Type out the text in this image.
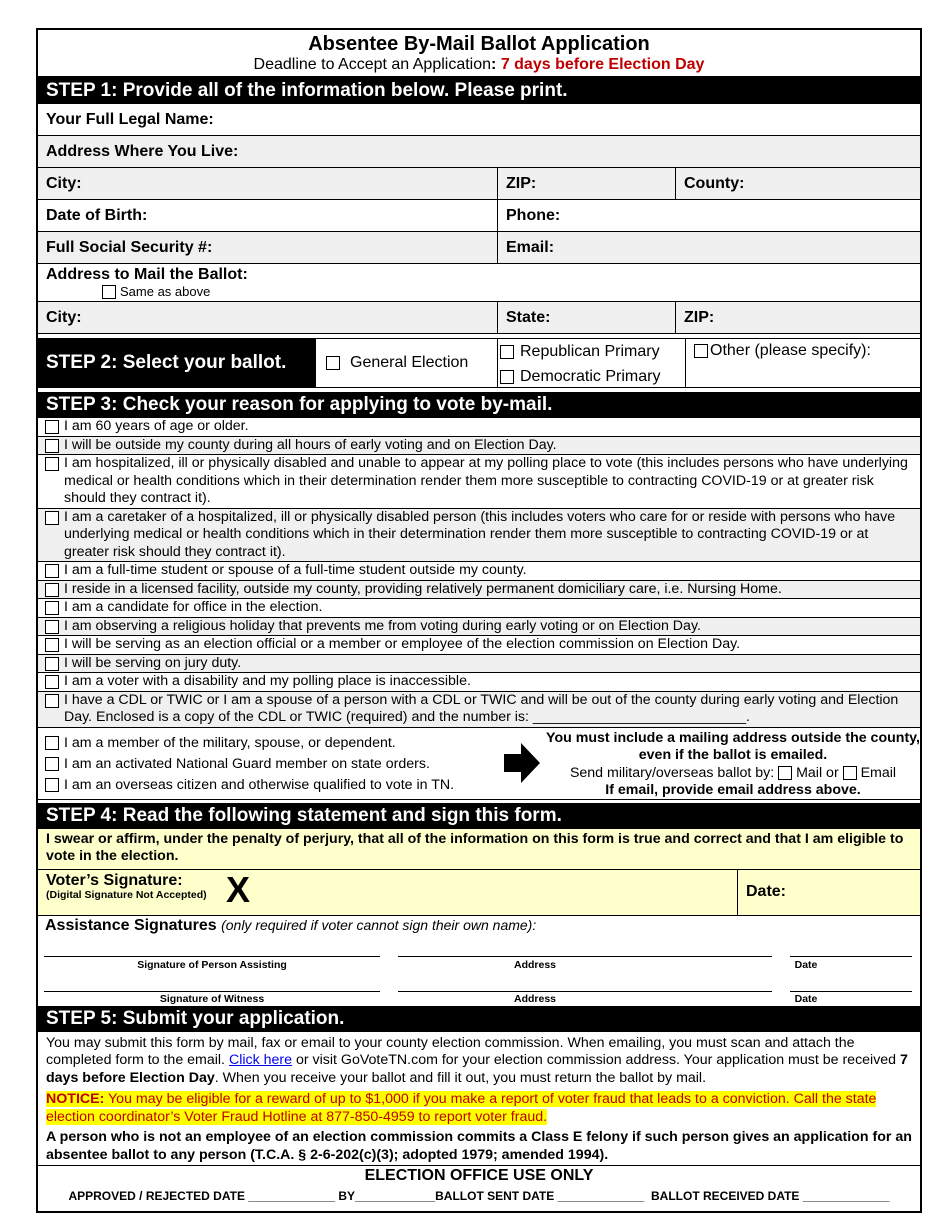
Absentee By-Mail Ballot Application
Deadline to Accept an Application: 7 days before Election Day
STEP 1: Provide all of the information below. Please print.
Your Full Legal Name:
Address Where You Live:
City:	ZIP:	County:
Date of Birth:	Phone:
Full Social Security #:	Email:
Address to Mail the Ballot:
Same as above
City:	State:	ZIP:
STEP 2: Select your ballot.	General Election
Republican Primary
Democratic Primary
Other (please specify):
STEP 3: Check your reason for applying to vote by-mail.
I am 60 years of age or older.
I will be outside my county during all hours of early voting and on Election Day.
I am hospitalized, ill or physically disabled and unable to appear at my polling place to vote (this includes persons who have underlying medical or health conditions which in their determination render them more susceptible to contracting COVID-19 or at greater risk should they contract it).
I am a caretaker of a hospitalized, ill or physically disabled person (this includes voters who care for or reside with persons who have underlying medical or health conditions which in their determination render them more susceptible to contracting COVID-19 or at greater risk should they contract it).
I am a full-time student or spouse of a full-time student outside my county.
I reside in a licensed facility, outside my county, providing relatively permanent domiciliary care, i.e. Nursing Home.
I am a candidate for office in the election.
I am observing a religious holiday that prevents me from voting during early voting or on Election Day.
I will be serving as an election official or a member or employee of the election commission on Election Day.
I will be serving on jury duty.
I am a voter with a disability and my polling place is inaccessible.
I have a CDL or TWIC or I am a spouse of a person with a CDL or TWIC and will be out of the county during early voting and Election Day. Enclosed is a copy of the CDL or TWIC (required) and the number is: ___________________________.
I am a member of the military, spouse, or dependent.
I am an activated National Guard member on state orders.
I am an overseas citizen and otherwise qualified to vote in TN.
You must include a mailing address outside the county, even if the ballot is emailed.
Send military/overseas ballot by: Mail or Email
If email, provide email address above.
STEP 4: Read the following statement and sign this form.
I swear or affirm, under the penalty of perjury, that all of the information on this form is true and correct and that I am eligible to vote in the election.
Voter’s Signature:
(Digital Signature Not Accepted) X	Date:
Assistance Signatures (only required if voter cannot sign their own name):
Signature of Person Assisting	Address	Date
Signature of Witness	Address	Date
STEP 5: Submit your application.
You may submit this form by mail, fax or email to your county election commission. When emailing, you must scan and attach the completed form to the email. Click here or visit GoVoteTN.com for your election commission address. Your application must be received 7 days before Election Day. When you receive your ballot and fill it out, you must return the ballot by mail.
NOTICE: You may be eligible for a reward of up to $1,000 if you make a report of voter fraud that leads to a conviction. Call the state election coordinator’s Voter Fraud Hotline at 877-850-4959 to report voter fraud.
A person who is not an employee of an election commission commits a Class E felony if such person gives an application for an absentee ballot to any person (T.C.A. § 2-6-202(c)(3); adopted 1979; amended 1994).
ELECTION OFFICE USE ONLY
APPROVED / REJECTED DATE _____________ BY____________BALLOT SENT DATE _____________  BALLOT RECEIVED DATE _____________
